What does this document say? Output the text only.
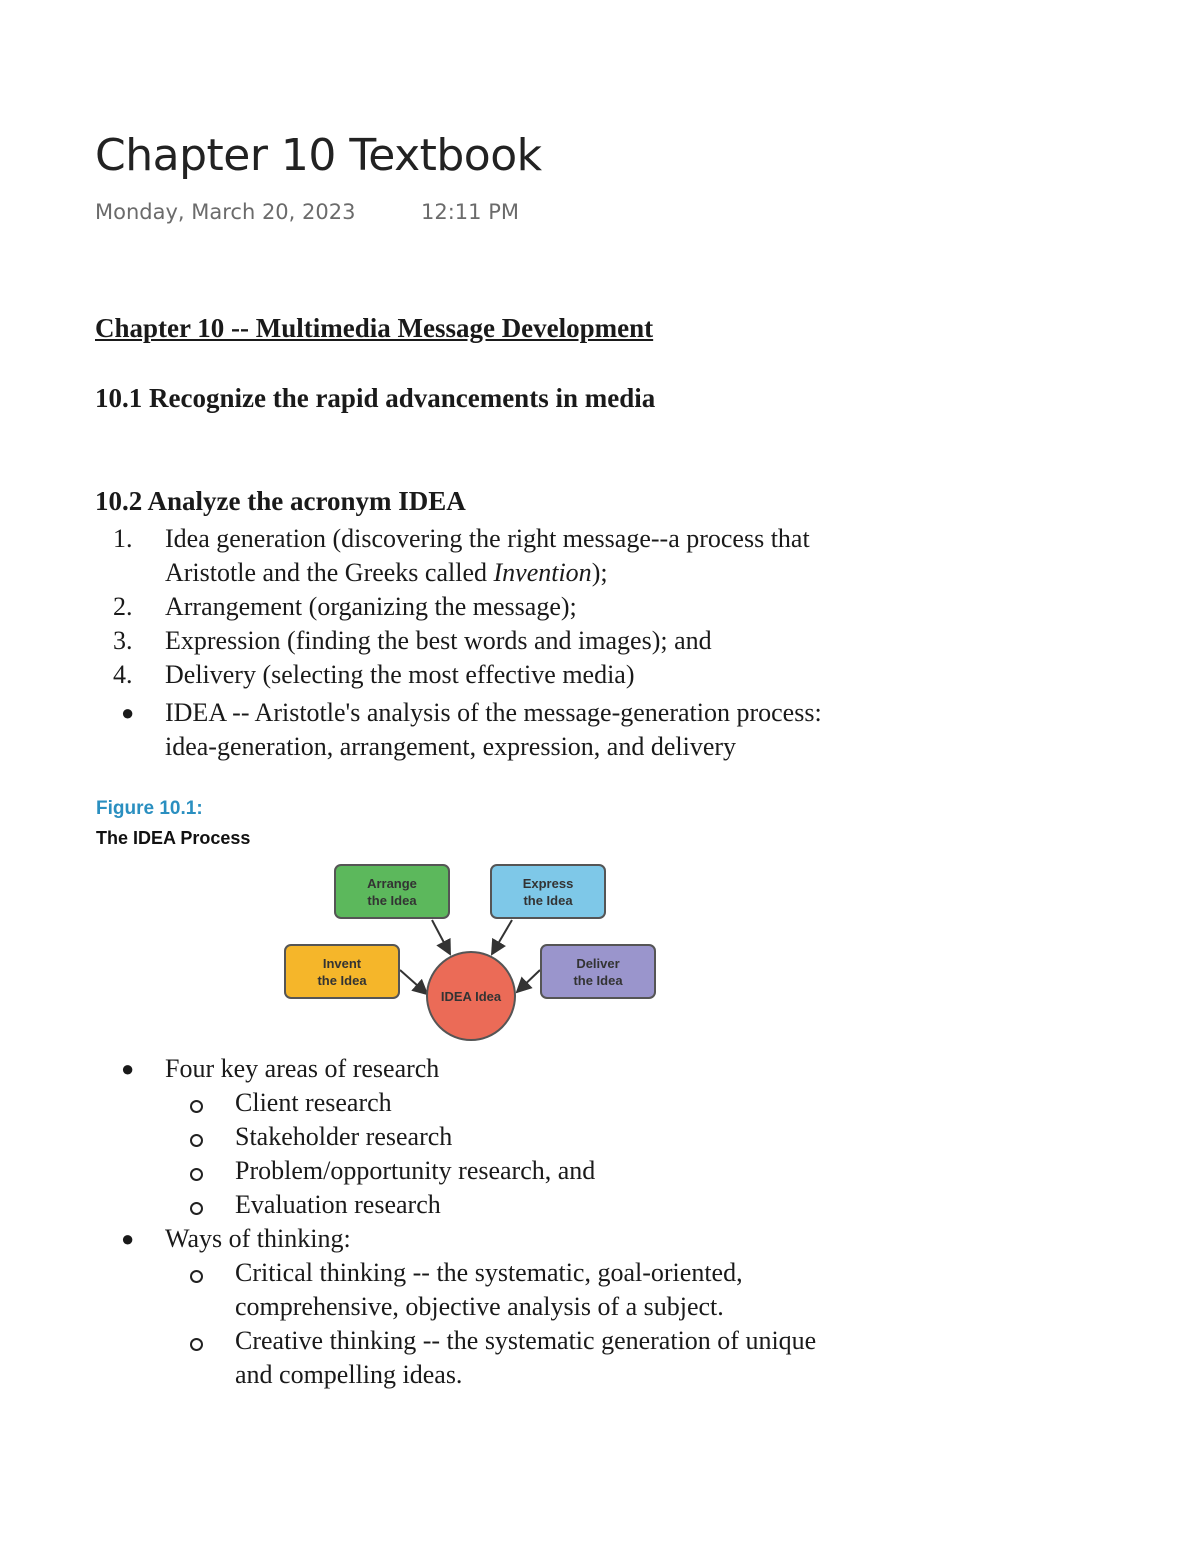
Chapter 10 Textbook
Monday, March 20, 2023	12:11 PM
Chapter 10 -- Multimedia Message Development
10.1 Recognize the rapid advancements in media
10.2 Analyze the acronym IDEA
1. Idea generation (discovering the right message--a process that Aristotle and the Greeks called Invention);
2. Arrangement (organizing the message);
3. Expression (finding the best words and images); and
4. Delivery (selecting the most effective media)
● IDEA -- Aristotle's analysis of the message-generation process: idea-generation, arrangement, expression, and delivery
Figure 10.1:
The IDEA Process
Arrange
the Idea
Express
the Idea
Invent
the Idea
Deliver
the Idea
IDEA Idea
● Four key areas of research
Client research
Stakeholder research
Problem/opportunity research, and
Evaluation research
● Ways of thinking:
Critical thinking -- the systematic, goal-oriented, comprehensive, objective analysis of a subject.
Creative thinking -- the systematic generation of unique and compelling ideas.
